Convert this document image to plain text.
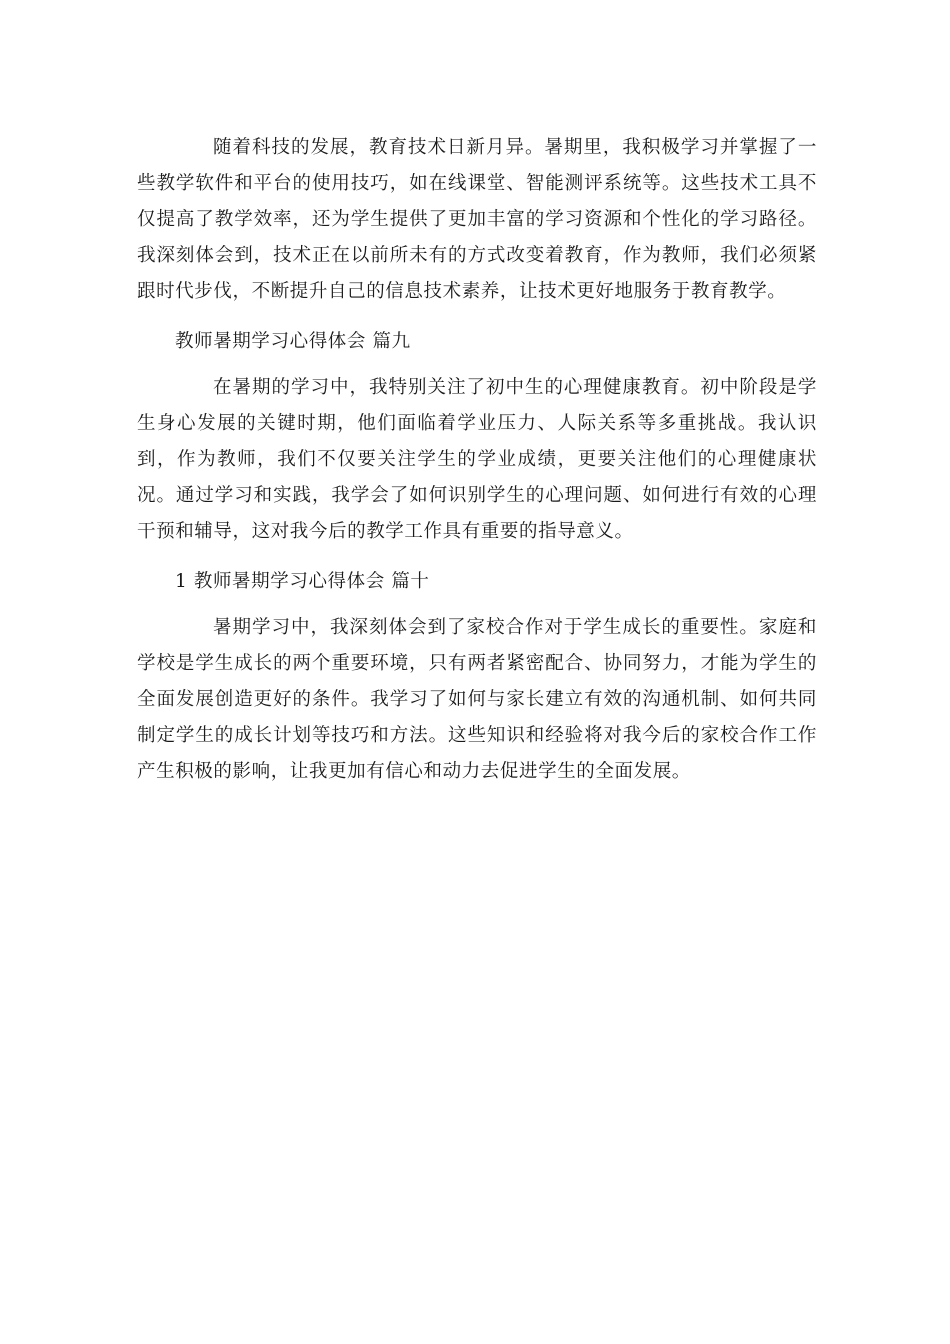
随着科技的发展，教育技术日新月异。暑期里，我积极学习并掌握了一些教学软件和平台的使用技巧，如在线课堂、智能测评系统等。这些技术工具不仅提高了教学效率，还为学生提供了更加丰富的学习资源和个性化的学习路径。我深刻体会到，技术正在以前所未有的方式改变着教育，作为教师，我们必须紧跟时代步伐，不断提升自己的信息技术素养，让技术更好地服务于教育教学。

教师暑期学习心得体会 篇九

在暑期的学习中，我特别关注了初中生的心理健康教育。初中阶段是学生身心发展的关键时期，他们面临着学业压力、人际关系等多重挑战。我认识到，作为教师，我们不仅要关注学生的学业成绩，更要关注他们的心理健康状况。通过学习和实践，我学会了如何识别学生的心理问题、如何进行有效的心理干预和辅导，这对我今后的教学工作具有重要的指导意义。

1 教师暑期学习心得体会 篇十

暑期学习中，我深刻体会到了家校合作对于学生成长的重要性。家庭和学校是学生成长的两个重要环境，只有两者紧密配合、协同努力，才能为学生的全面发展创造更好的条件。我学习了如何与家长建立有效的沟通机制、如何共同制定学生的成长计划等技巧和方法。这些知识和经验将对我今后的家校合作工作产生积极的影响，让我更加有信心和动力去促进学生的全面发展。
